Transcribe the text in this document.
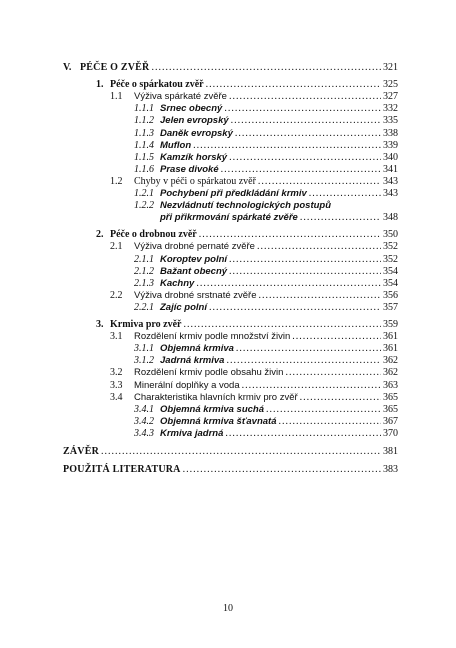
V. PÉČE O ZVĚŘ .....	321
1. Péče o spárkatou zvěř .....	325
1.1 Výživa spárkaté zvěře .....	327
1.1.1 Srnec obecný .....	332
1.1.2 Jelen evropský .....	335
1.1.3 Daněk evropský .....	338
1.1.4 Muflon .....	339
1.1.5 Kamzík horský .....	340
1.1.6 Prase divoké .....	341
1.2 Chyby v péči o spárkatou zvěř .....	343
1.2.1 Pochybení při předkládání krmiv .....	343
1.2.2 Nezvládnutí technologických postupů
při přikrmování spárkaté zvěře .....	348
2. Péče o drobnou zvěř .....	350
2.1 Výživa drobné pernaté zvěře .....	352
2.1.1 Koroptev polní .....	352
2.1.2 Bažant obecný .....	354
2.1.3 Kachny .....	354
2.2 Výživa drobné srstnaté zvěře .....	356
2.2.1 Zajíc polní .....	357
3. Krmiva pro zvěř .....	359
3.1 Rozdělení krmiv podle množství živin .....	361
3.1.1 Objemná krmiva .....	361
3.1.2 Jadrná krmiva .....	362
3.2 Rozdělení krmiv podle obsahu živin .....	362
3.3 Minerální doplňky a voda .....	363
3.4 Charakteristika hlavních krmiv pro zvěř .....	365
3.4.1 Objemná krmiva suchá .....	365
3.4.2 Objemná krmiva šťavnatá .....	367
3.4.3 Krmiva jadrná .....	370
ZÁVĚR .....	381
POUŽITÁ LITERATURA .....	383
10
